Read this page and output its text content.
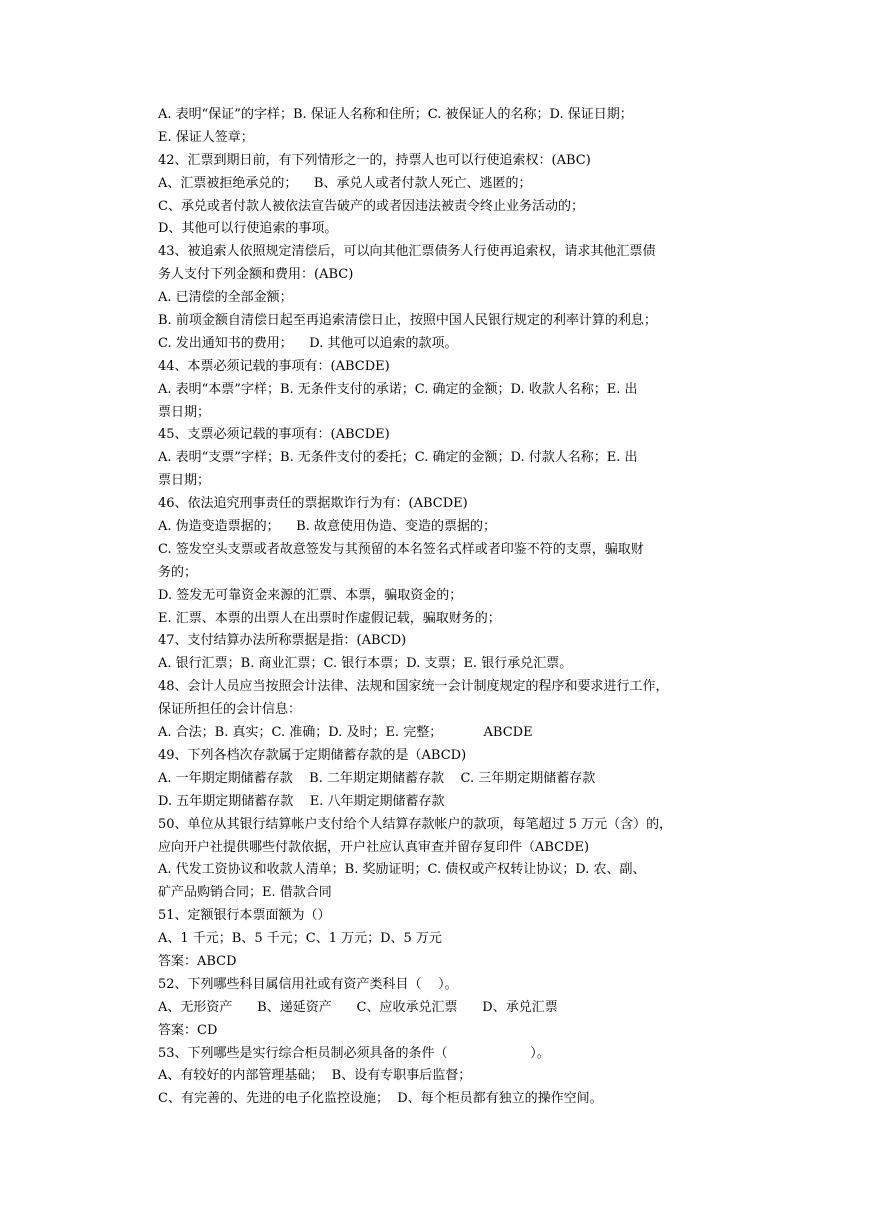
A. 表明“保证”的字样；B. 保证人名称和住所；C. 被保证人的名称；D. 保证日期；
E. 保证人签章；
42、汇票到期日前，有下列情形之一的，持票人也可以行使追索权：(ABC)
A、汇票被拒绝承兑的；    B、承兑人或者付款人死亡、逃匿的；
C、承兑或者付款人被依法宣告破产的或者因违法被责令终止业务活动的；
D、其他可以行使追索的事项。
43、被追索人依照规定清偿后，可以向其他汇票债务人行使再追索权，请求其他汇票债
务人支付下列金额和费用：(ABC)
A. 已清偿的全部金额；
B. 前项金额自清偿日起至再追索清偿日止，按照中国人民银行规定的利率计算的利息；
C. 发出通知书的费用；    D. 其他可以追索的款项。
44、本票必须记载的事项有：(ABCDE)
A. 表明“本票”字样；B. 无条件支付的承诺；C. 确定的金额；D. 收款人名称；E. 出
票日期；
45、支票必须记载的事项有：(ABCDE)
A. 表明“支票”字样；B. 无条件支付的委托；C. 确定的金额；D. 付款人名称；E. 出
票日期；
46、依法追究刑事责任的票据欺诈行为有：(ABCDE)
A. 伪造变造票据的；    B. 故意使用伪造、变造的票据的；
C. 签发空头支票或者故意签发与其预留的本名签名式样或者印鉴不符的支票，骗取财
务的；
D. 签发无可靠资金来源的汇票、本票，骗取资金的；
E. 汇票、本票的出票人在出票时作虚假记载，骗取财务的；
47、支付结算办法所称票据是指：(ABCD)
A. 银行汇票；B. 商业汇票；C. 银行本票；D. 支票；E. 银行承兑汇票。
48、会计人员应当按照会计法律、法规和国家统一会计制度规定的程序和要求进行工作，
保证所担任的会计信息：
A. 合法；B. 真实；C. 准确；D. 及时；E. 完整；          ABCDE
49、下列各档次存款属于定期储蓄存款的是（ABCD)
A. 一年期定期储蓄存款    B. 二年期定期储蓄存款    C. 三年期定期储蓄存款
D. 五年期定期储蓄存款    E. 八年期定期储蓄存款
50、单位从其银行结算帐户支付给个人结算存款帐户的款项，每笔超过 5 万元（含）的，
应向开户社提供哪些付款依据，开户社应认真审查并留存复印件（ABCDE)
A. 代发工资协议和收款人清单；B. 奖励证明；C. 债权或产权转让协议；D. 农、副、
矿产品购销合同；E. 借款合同
51、定额银行本票面额为（）
A、1 千元；B、5 千元；C、1 万元；D、5 万元
答案：ABCD
52、下列哪些科目属信用社或有资产类科目（    ）。
A、无形资产      B、递延资产      C、应收承兑汇票      D、承兑汇票
答案：CD
53、下列哪些是实行综合柜员制必须具备的条件（                    ）。
A、有较好的内部管理基础；  B、设有专职事后监督；
C、有完善的、先进的电子化监控设施；  D、每个柜员都有独立的操作空间。
